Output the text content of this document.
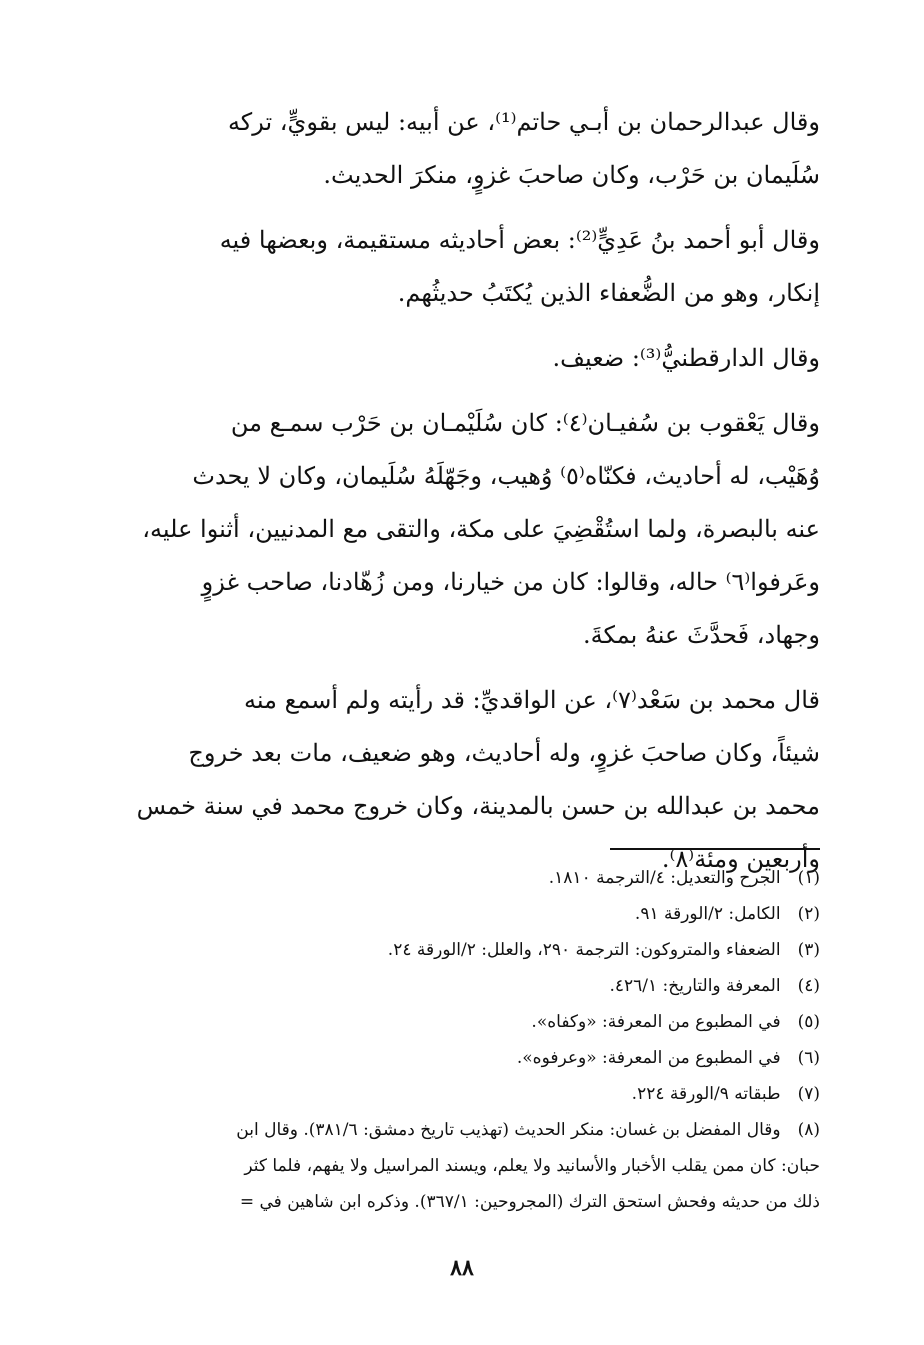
وقال عبدالرحمان بن أبـي حاتم⁽¹⁾، عن أبيه: ليس بقويٍّ، تركه
سُلَيمان بن حَرْب، وكان صاحبَ غزوٍ، منكرَ الحديث.

وقال أبو أحمد بنُ عَدِيٍّ⁽²⁾: بعض أحاديثه مستقيمة، وبعضها فيه
إنكار، وهو من الضُّعفاء الذين يُكتَبُ حديثُهم.

وقال الدارقطنيُّ⁽³⁾: ضعيف.

وقال يَعْقوب بن سُفيـان⁽٤⁾: كان سُلَيْمـان بن حَرْب سمـع من
وُهَيْب، له أحاديث، فكنّاه⁽٥⁾ وُهيب، وجَهّلَهُ سُلَيمان، وكان لا يحدث
عنه بالبصرة، ولما استُقْضِيَ على مكة، والتقى مع المدنيين، أثنوا عليه،
وعَرفوا⁽٦⁾ حاله، وقالوا: كان من خيارنا، ومن زُهّادنا، صاحب غزوٍ
وجهاد، فَحدَّثَ عنهُ بمكةَ.

قال محمد بن سَعْد⁽٧⁾، عن الواقديِّ: قد رأيته ولم أسمع منه
شيئاً، وكان صاحبَ غزوٍ، وله أحاديث، وهو ضعيف، مات بعد خروج
محمد بن عبدالله بن حسن بالمدينة، وكان خروج محمد في سنة خمس
وأربعين ومئة⁽٨⁾.

(١) الجرح والتعديل: ٤/الترجمة ١٨١٠.
(٢) الكامل: ٢/الورقة ٩١.
(٣) الضعفاء والمتروكون: الترجمة ٢٩٠، والعلل: ٢/الورقة ٢٤.
(٤) المعرفة والتاريخ: ٤٢٦/١.
(٥) في المطبوع من المعرفة: «وكفاه».
(٦) في المطبوع من المعرفة: «وعرفوه».
(٧) طبقاته ٩/الورقة ٢٢٤.
(٨) وقال المفضل بن غسان: منكر الحديث (تهذيب تاريخ دمشق: ٣٨١/٦). وقال ابن
حبان: كان ممن يقلب الأخبار والأسانيد ولا يعلم، ويسند المراسيل ولا يفهم، فلما كثر
ذلك من حديثه وفحش استحق الترك (المجروحين: ٣٦٧/١). وذكره ابن شاهين في =
٨٨
